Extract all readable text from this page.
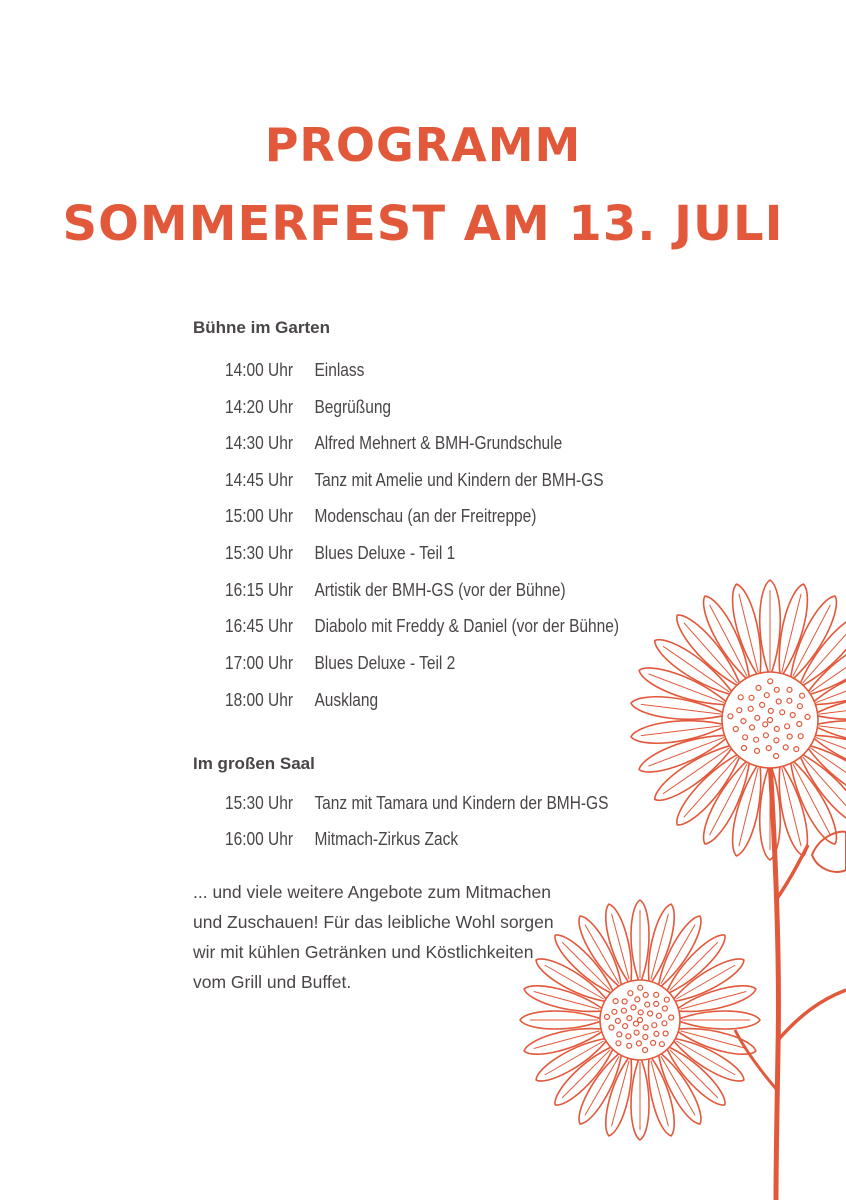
PROGRAMM
SOMMERFEST AM 13. JULI
Bühne im Garten
14:00 Uhr Einlass
14:20 Uhr Begrüßung
14:30 Uhr Alfred Mehnert & BMH-Grundschule
14:45 Uhr Tanz mit Amelie und Kindern der BMH-GS
15:00 Uhr Modenschau (an der Freitreppe)
15:30 Uhr Blues Deluxe - Teil 1
16:15 Uhr Artistik der BMH-GS (vor der Bühne)
16:45 Uhr Diabolo mit Freddy & Daniel (vor der Bühne)
17:00 Uhr Blues Deluxe - Teil 2
18:00 Uhr Ausklang
Im großen Saal
15:30 Uhr Tanz mit Tamara und Kindern der BMH-GS
16:00 Uhr Mitmach-Zirkus Zack

... und viele weitere Angebote zum Mitmachen
und Zuschauen! Für das leibliche Wohl sorgen
wir mit kühlen Getränken und Köstlichkeiten
vom Grill und Buffet.
